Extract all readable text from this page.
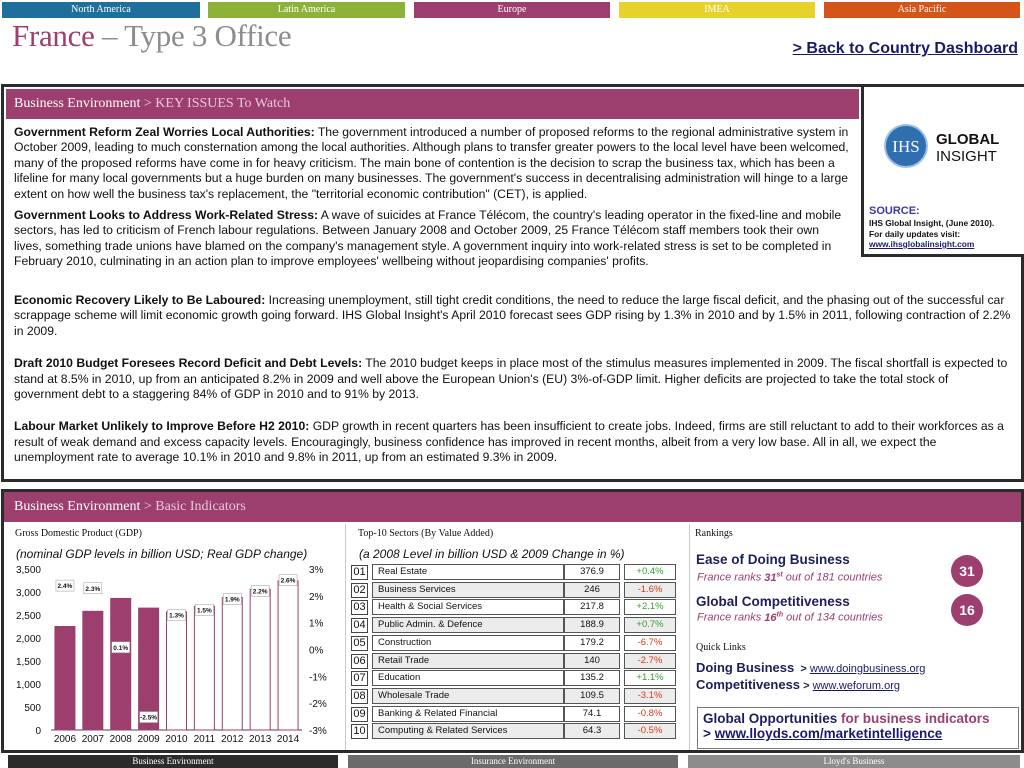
North America	Latin America	Europe	IMEA	Asia Pacific
France – Type 3 Office	> Back to Country Dashboard
Business Environment > KEY ISSUES To Watch

Government Reform Zeal Worries Local Authorities: The government introduced a number of proposed reforms to the regional administrative system in October 2009, leading to much consternation among the local authorities. Although plans to transfer greater powers to the local level have been welcomed, many of the proposed reforms have come in for heavy criticism. The main bone of contention is the decision to scrap the business tax, which has been a lifeline for many local governments but a huge burden on many businesses. The government's success in decentralising administration will hinge to a large extent on how well the business tax's replacement, the "territorial economic contribution" (CET), is applied.

Government Looks to Address Work-Related Stress: A wave of suicides at France Télécom, the country's leading operator in the fixed-line and mobile sectors, has led to criticism of French labour regulations. Between January 2008 and October 2009, 25 France Télécom staff members took their own lives, something trade unions have blamed on the company's management style. A government inquiry into work-related stress is set to be completed in February 2010, culminating in an action plan to improve employees' wellbeing without jeopardising companies' profits.

Economic Recovery Likely to Be Laboured: Increasing unemployment, still tight credit conditions, the need to reduce the large fiscal deficit, and the phasing out of the successful car scrappage scheme will limit economic growth going forward. IHS Global Insight's April 2010 forecast sees GDP rising by 1.3% in 2010 and by 1.5% in 2011, following contraction of 2.2% in 2009.

Draft 2010 Budget Foresees Record Deficit and Debt Levels: The 2010 budget keeps in place most of the stimulus measures implemented in 2009. The fiscal shortfall is expected to stand at 8.5% in 2010, up from an anticipated 8.2% in 2009 and well above the European Union's (EU) 3%-of-GDP limit. Higher deficits are projected to take the total stock of government debt to a staggering 84% of GDP in 2010 and to 91% by 2013.

Labour Market Unlikely to Improve Before H2 2010: GDP growth in recent quarters has been insufficient to create jobs. Indeed, firms are still reluctant to add to their workforces as a result of weak demand and excess capacity levels. Encouragingly, business confidence has improved in recent months, albeit from a very low base. All in all, we expect the unemployment rate to average 10.1% in 2010 and 9.8% in 2011, up from an estimated 9.3% in 2009.

IHS GLOBAL
INSIGHT
SOURCE:
IHS Global Insight, (June 2010).
For daily updates visit:
www.ihsglobalinsight.com
Business Environment > Basic Indicators
Gross Domestic Product (GDP)
(nominal GDP levels in billion USD; Real GDP change)
0
500
1,000
1,500
2,000
2,500
3,000
3,500
-3%
-2%
-1%
0%
1%
2%
3%
2.4%
2006
2.3%
2007
0.1%
2008
-2.5%
2009
1.3%
2010
1.5%
2011
1.9%
2012
2.2%
2013
2.6%
2014
Top-10 Sectors (By Value Added)
(a 2008 Level in billion USD & 2009 Change in %)
01	Real Estate	376.9	+0.4%
02	Business Services	246	-1.6%
03	Health & Social Services	217.8	+2.1%
04	Public Admin. & Defence	188.9	+0.7%
05	Construction	179.2	-6.7%
06	Retail Trade	140	-2.7%
07	Education	135.2	+1.1%
08	Wholesale Trade	109.5	-3.1%
09	Banking & Related Financial	74.1	-0.8%
10	Computing & Related Services	64.3	-0.5%
Rankings
Ease of Doing Business
France ranks 31st out of 181 countries	31
Global Competitiveness
France ranks 16th out of 134 countries	16
Quick Links
Doing Business  > www.doingbusiness.org
Competitiveness > www.weforum.org
Global Opportunities for business indicators
> www.lloyds.com/marketintelligence
Business Environment	Insurance Environment	Lloyd's Business
